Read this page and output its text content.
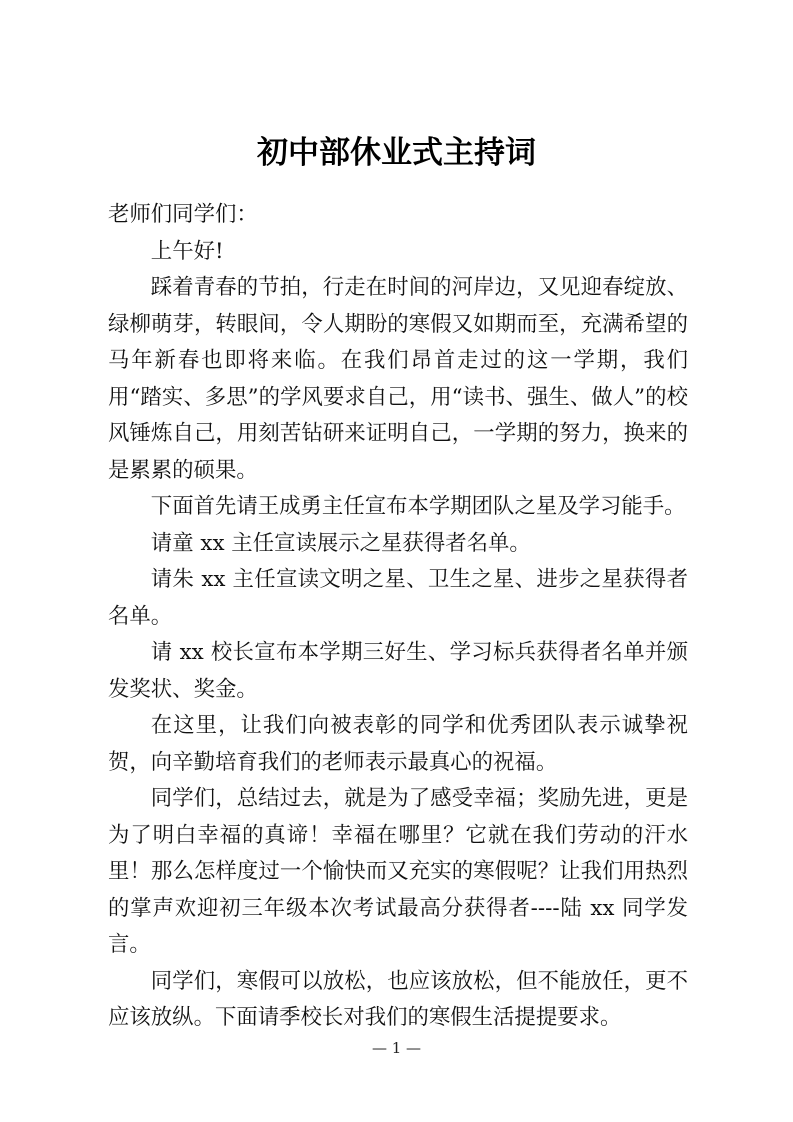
初中部休业式主持词

老师们同学们：

上午好!

踩着青春的节拍，行走在时间的河岸边，又见迎春绽放、绿柳萌芽，转眼间，令人期盼的寒假又如期而至，充满希望的马年新春也即将来临。在我们昂首走过的这一学期，我们用“踏实、多思”的学风要求自己，用“读书、强生、做人”的校风锤炼自己，用刻苦钻研来证明自己，一学期的努力，换来的是累累的硕果。

下面首先请王成勇主任宣布本学期团队之星及学习能手。

请童 xx 主任宣读展示之星获得者名单。

请朱 xx 主任宣读文明之星、卫生之星、进步之星获得者名单。

请 xx 校长宣布本学期三好生、学习标兵获得者名单并颁发奖状、奖金。

在这里，让我们向被表彰的同学和优秀团队表示诚挚祝贺，向辛勤培育我们的老师表示最真心的祝福。

同学们，总结过去，就是为了感受幸福；奖励先进，更是为了明白幸福的真谛！幸福在哪里？它就在我们劳动的汗水里！那么怎样度过一个愉快而又充实的寒假呢？让我们用热烈的掌声欢迎初三年级本次考试最高分获得者----陆 xx 同学发言。

同学们，寒假可以放松，也应该放松，但不能放任，更不应该放纵。下面请季校长对我们的寒假生活提提要求。

— 1 —
